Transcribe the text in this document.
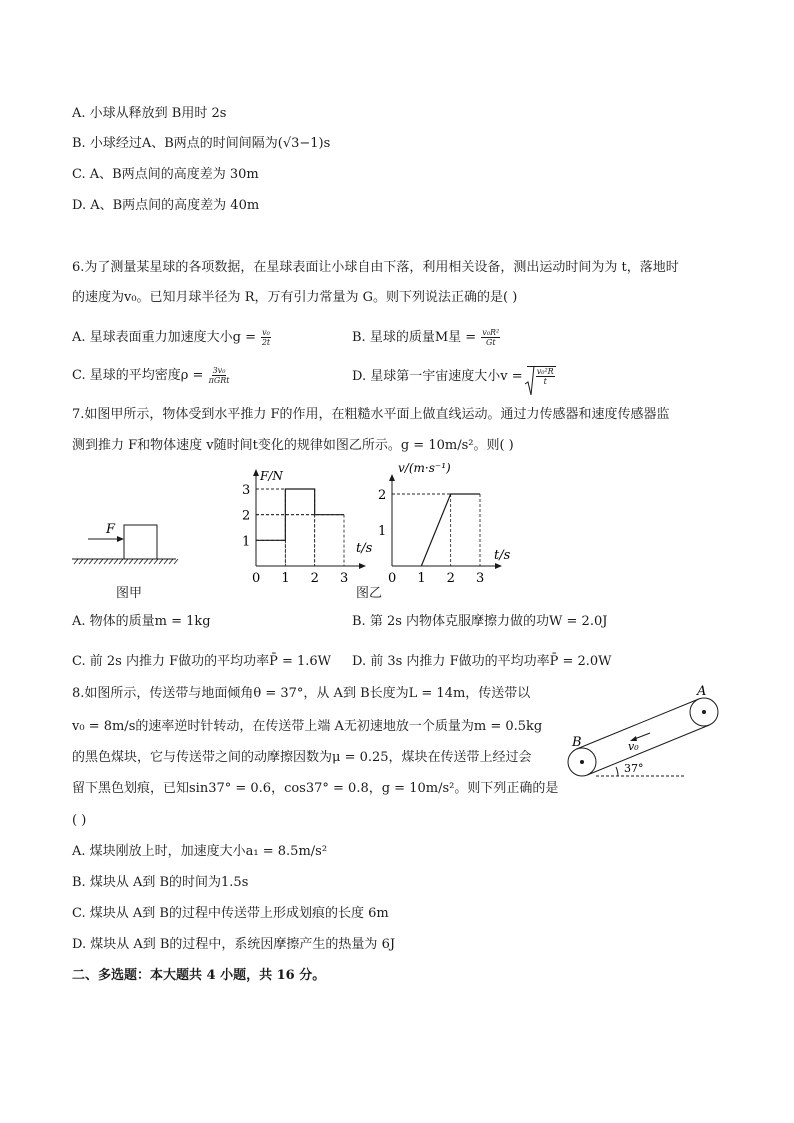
A. 小球从释放到 B用时 2s
B. 小球经过A、B两点的时间间隔为(√3−1)s
C. A、B两点间的高度差为 30m
D. A、B两点间的高度差为 40m
6.为了测量某星球的各项数据，在星球表面让小球自由下落，利用相关设备，测出运动时间为为 t，落地时
的速度为v₀。已知月球半径为 R，万有引力常量为 G。则下列说法正确的是( )
A. 星球表面重力加速度大小$g = \frac{\text{v₀}}{2t}$	B. 星球的质量M星 = $\frac{\text{v₀R²}}{Gt}$
C. 星球的平均密度$\rho = \frac{\text{3v₀}}{\text{πGRt}}$	D. 星球第一宇宙速度大小$v = \frac{\text{v₀²R}}{t}$
7.如图甲所示，物体受到水平推力 F的作用，在粗糙水平面上做直线运动。通过力传感器和速度传感器监
测到推力 F和物体速度 v随时间t变化的规律如图乙所示。g = 10m/s²。则( )
F
图甲
0 1 2 3
1
2
3
F/N
t/s
0 1 2 3
1
2
v/(m·s⁻¹)
t/s
图乙
A. 物体的质量m = 1kg	B. 第 2s 内物体克服摩擦力做的功W = 2.0J
C. 前 2s 内推力 F做功的平均功率P̄ = 1.6W D. 前 3s 内推力 F做功的平均功率P̄ = 2.0W
8.如图所示，传送带与地面倾角θ = 37°，从 A到 B长度为L = 14m，传送带以
v₀ = 8m/s的速率逆时针转动，在传送带上端 A无初速地放一个质量为m = 0.5kg
的黑色煤块，它与传送带之间的动摩擦因数为μ = 0.25，煤块在传送带上经过会
留下黑色划痕，已知sin37° = 0.6，cos37° = 0.8，g = 10m/s²。则下列正确的是
( )
A
B	v₀
37°
A. 煤块刚放上时，加速度大小a₁ = 8.5m/s²
B. 煤块从 A到 B的时间为1.5s
C. 煤块从 A到 B的过程中传送带上形成划痕的长度 6m
D. 煤块从 A到 B的过程中，系统因摩擦产生的热量为 6J
二、多选题：本大题共 4 小题，共 16 分。
